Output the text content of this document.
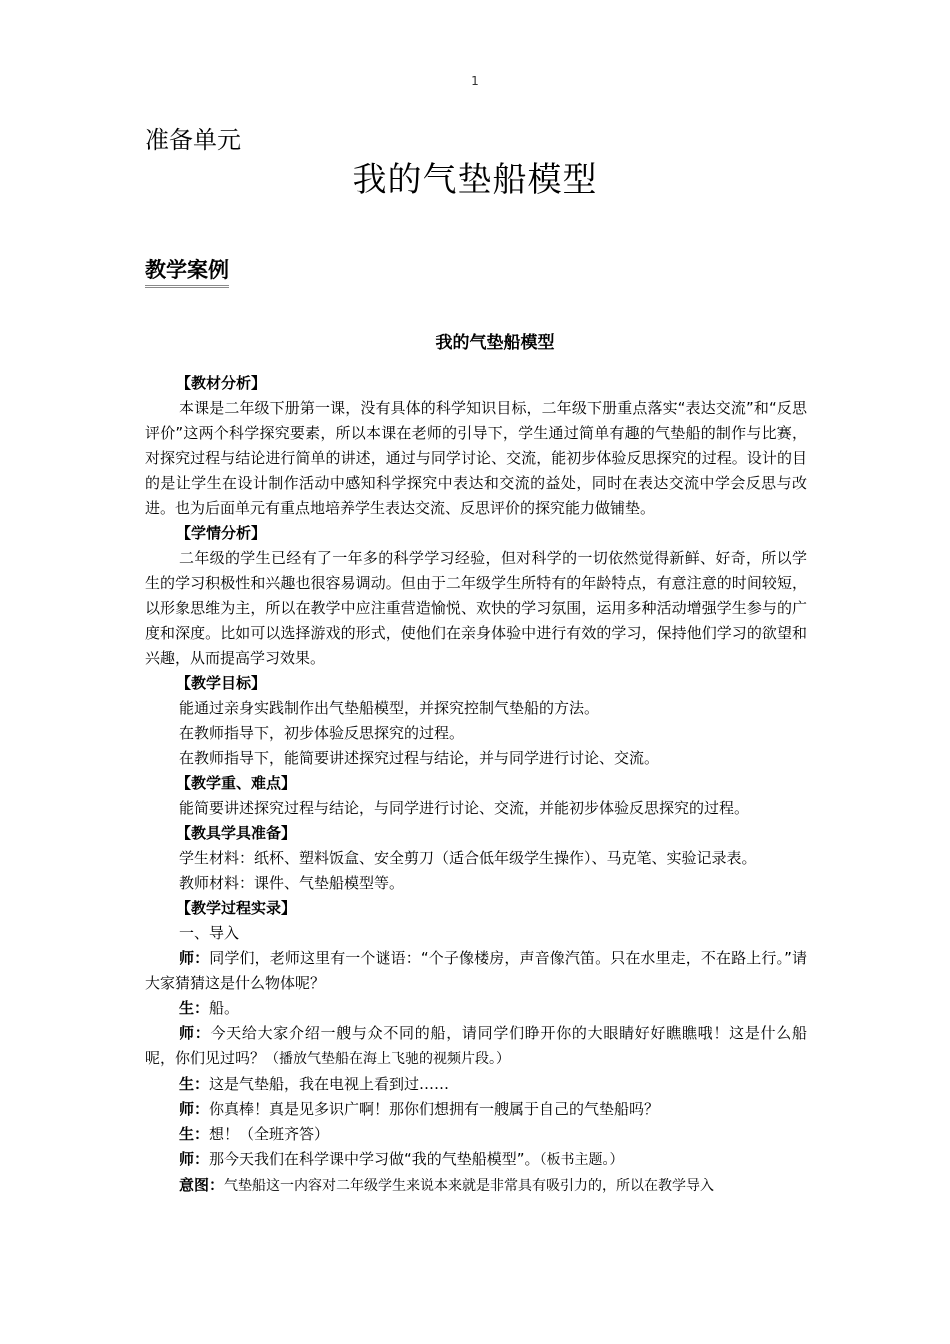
1
准备单元
我的气垫船模型
教学案例
我的气垫船模型

【教材分析】

本课是二年级下册第一课，没有具体的科学知识目标，二年级下册重点落实“表达交流”和“反思评价”这两个科学探究要素，所以本课在老师的引导下，学生通过简单有趣的气垫船的制作与比赛，对探究过程与结论进行简单的讲述，通过与同学讨论、交流，能初步体验反思探究的过程。设计的目的是让学生在设计制作活动中感知科学探究中表达和交流的益处，同时在表达交流中学会反思与改进。也为后面单元有重点地培养学生表达交流、反思评价的探究能力做铺垫。

【学情分析】

二年级的学生已经有了一年多的科学学习经验，但对科学的一切依然觉得新鲜、好奇，所以学生的学习积极性和兴趣也很容易调动。但由于二年级学生所特有的年龄特点，有意注意的时间较短，以形象思维为主，所以在教学中应注重营造愉悦、欢快的学习氛围，运用多种活动增强学生参与的广度和深度。比如可以选择游戏的形式，使他们在亲身体验中进行有效的学习，保持他们学习的欲望和兴趣，从而提高学习效果。

【教学目标】

能通过亲身实践制作出气垫船模型，并探究控制气垫船的方法。

在教师指导下，初步体验反思探究的过程。

在教师指导下，能简要讲述探究过程与结论，并与同学进行讨论、交流。

【教学重、难点】

能简要讲述探究过程与结论，与同学进行讨论、交流，并能初步体验反思探究的过程。

【教具学具准备】

学生材料：纸杯、塑料饭盒、安全剪刀（适合低年级学生操作）、马克笔、实验记录表。

教师材料：课件、气垫船模型等。

【教学过程实录】

一、导入

师：同学们，老师这里有一个谜语：“个子像楼房，声音像汽笛。只在水里走，不在路上行。”请大家猜猜这是什么物体呢？

生：船。

师：今天给大家介绍一艘与众不同的船，请同学们睁开你的大眼睛好好瞧瞧哦！这是什么船呢，你们见过吗？（播放气垫船在海上飞驰的视频片段。）

生：这是气垫船，我在电视上看到过……

师：你真棒！真是见多识广啊！那你们想拥有一艘属于自己的气垫船吗？

生：想！（全班齐答）

师：那今天我们在科学课中学习做“我的气垫船模型”。（板书主题。）

意图：气垫船这一内容对二年级学生来说本来就是非常具有吸引力的，所以在教学导入
